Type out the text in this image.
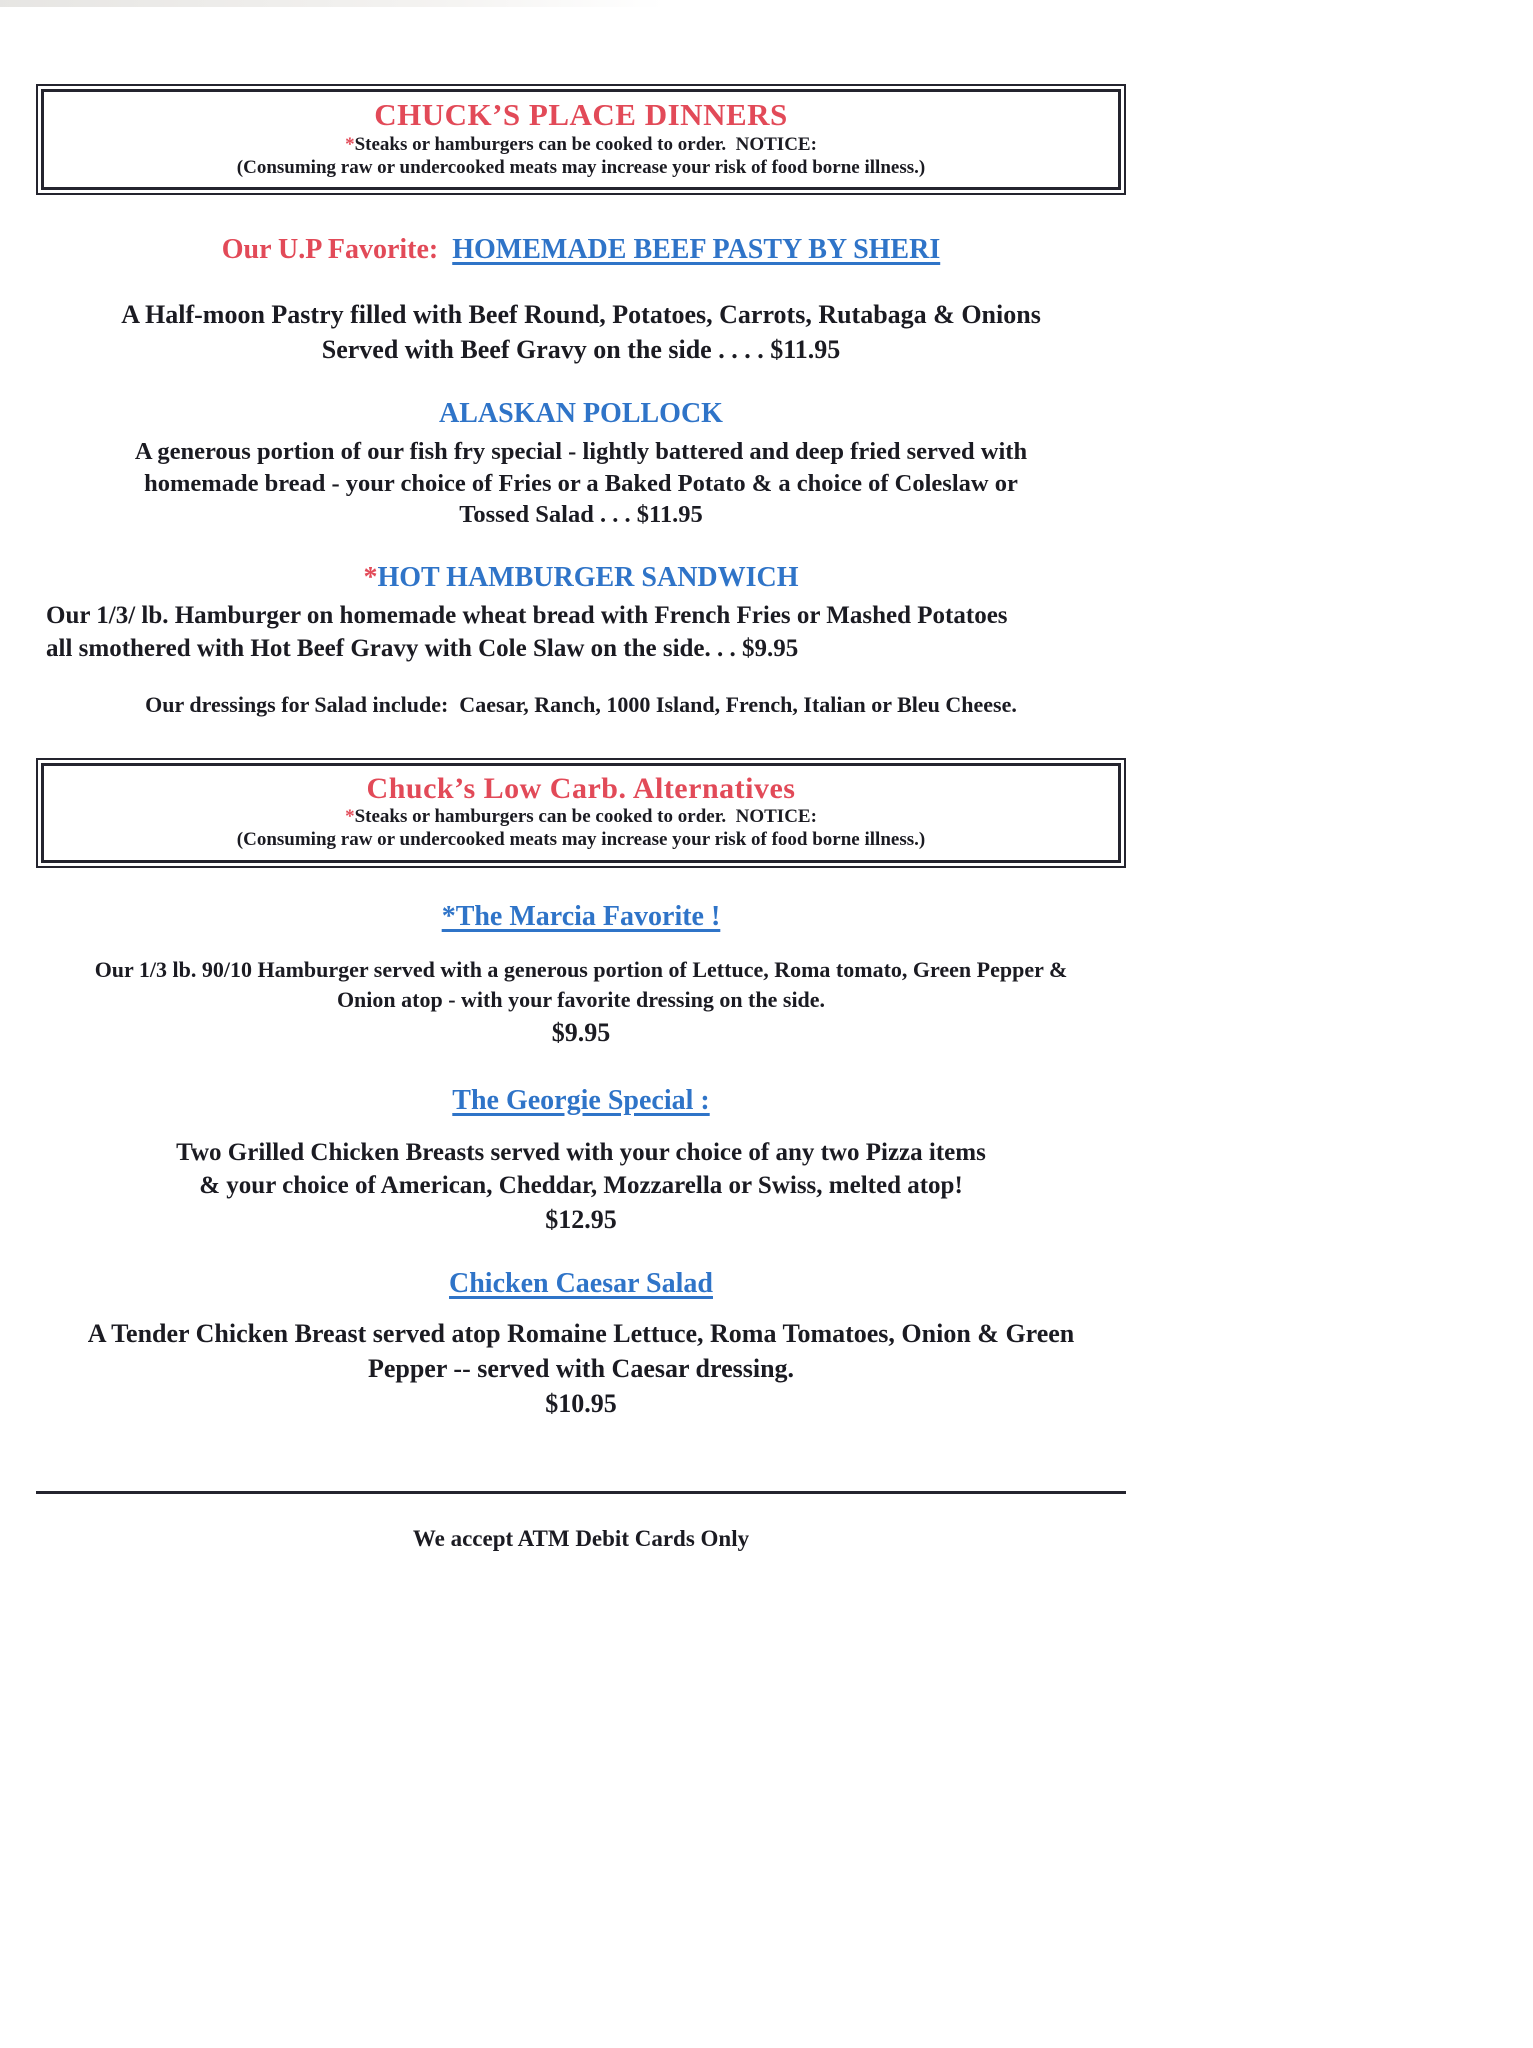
CHUCK’S PLACE DINNERS
*Steaks or hamburgers can be cooked to order.  NOTICE:
(Consuming raw or undercooked meats may increase your risk of food borne illness.)
Our U.P Favorite: HOMEMADE BEEF PASTY BY SHERI
A Half-moon Pastry filled with Beef Round, Potatoes, Carrots, Rutabaga & Onions
Served with Beef Gravy on the side . . . . $11.95
ALASKAN POLLOCK
A generous portion of our fish fry special - lightly battered and deep fried served with
homemade bread - your choice of Fries or a Baked Potato & a choice of Coleslaw or
Tossed Salad . . . $11.95
*HOT HAMBURGER SANDWICH
Our 1/3/ lb. Hamburger on homemade wheat bread with French Fries or Mashed Potatoes
all smothered with Hot Beef Gravy with Cole Slaw on the side. . . $9.95
Our dressings for Salad include:  Caesar, Ranch, 1000 Island, French, Italian or Bleu Cheese.
Chuck’s Low Carb. Alternatives
*Steaks or hamburgers can be cooked to order.  NOTICE:
(Consuming raw or undercooked meats may increase your risk of food borne illness.)
*The Marcia Favorite !
Our 1/3 lb. 90/10 Hamburger served with a generous portion of Lettuce, Roma tomato, Green Pepper &
Onion atop - with your favorite dressing on the side.
$9.95
The Georgie Special :
Two Grilled Chicken Breasts served with your choice of any two Pizza items
& your choice of American, Cheddar, Mozzarella or Swiss, melted atop!
$12.95
Chicken Caesar Salad
A Tender Chicken Breast served atop Romaine Lettuce, Roma Tomatoes, Onion & Green
Pepper -- served with Caesar dressing.
$10.95
We accept ATM Debit Cards Only
